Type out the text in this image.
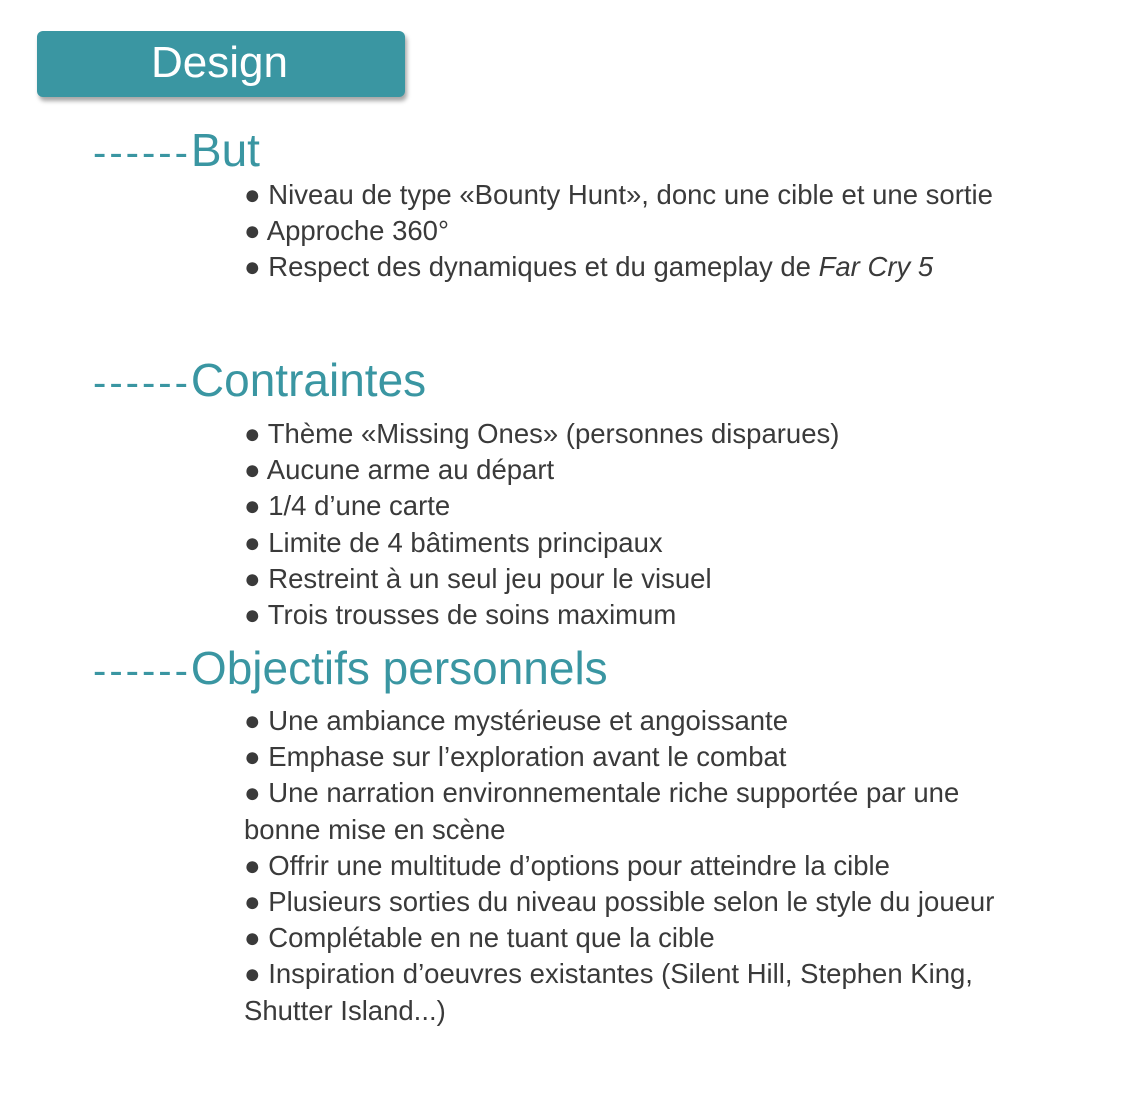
Design
------But

● Niveau de type «Bounty Hunt», donc une cible et une sortie

● Approche 360°

● Respect des dynamiques et du gameplay de Far Cry 5

------Contraintes

● Thème «Missing Ones» (personnes disparues)

● Aucune arme au départ

● 1/4 d’une carte

● Limite de 4 bâtiments principaux

● Restreint à un seul jeu pour le visuel

● Trois trousses de soins maximum

------Objectifs personnels

● Une ambiance mystérieuse et angoissante

● Emphase sur l’exploration avant le combat

● Une narration environnementale riche supportée par une bonne mise en scène

● Offrir une multitude d’options pour atteindre la cible

● Plusieurs sorties du niveau possible selon le style du joueur

● Complétable en ne tuant que la cible

● Inspiration d’oeuvres existantes (Silent Hill, Stephen King, Shutter Island...)
